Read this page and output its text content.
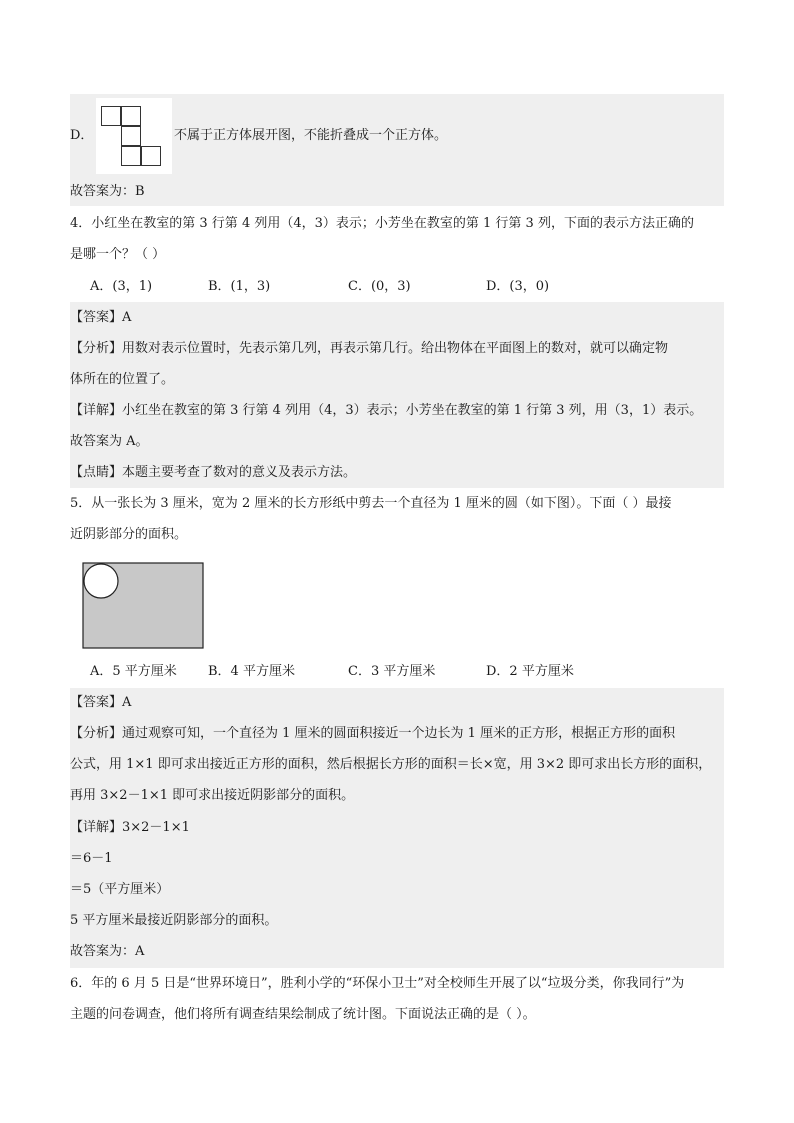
D．	不属于正方体展开图，不能折叠成一个正方体。
故答案为：B
4．小红坐在教室的第 3 行第 4 列用（4，3）表示；小芳坐在教室的第 1 行第 3 列，下面的表示方法正确的
是哪一个？（ ）
A．(3，1)	B．(1，3)	C．(0，3)	D．(3，0)
【答案】A
【分析】用数对表示位置时，先表示第几列，再表示第几行。给出物体在平面图上的数对，就可以确定物
体所在的位置了。
【详解】小红坐在教室的第 3 行第 4 列用（4，3）表示；小芳坐在教室的第 1 行第 3 列，用（3，1）表示。
故答案为 A。
【点睛】本题主要考查了数对的意义及表示方法。
5．从一张长为 3 厘米，宽为 2 厘米的长方形纸中剪去一个直径为 1 厘米的圆（如下图）。下面（ ）最接
近阴影部分的面积。
A．5 平方厘米 B．4 平方厘米	C．3 平方厘米	D．2 平方厘米
【答案】A
【分析】通过观察可知，一个直径为 1 厘米的圆面积接近一个边长为 1 厘米的正方形，根据正方形的面积
公式，用 1×1 即可求出接近正方形的面积，然后根据长方形的面积＝长×宽，用 3×2 即可求出长方形的面积，
再用 3×2－1×1 即可求出接近阴影部分的面积。
【详解】3×2－1×1
＝6－1
＝5（平方厘米）
5 平方厘米最接近阴影部分的面积。
故答案为：A
6．年的 6 月 5 日是“世界环境日”，胜利小学的“环保小卫士”对全校师生开展了以“垃圾分类，你我同行”为
主题的问卷调查，他们将所有调查结果绘制成了统计图。下面说法正确的是（ ）。
